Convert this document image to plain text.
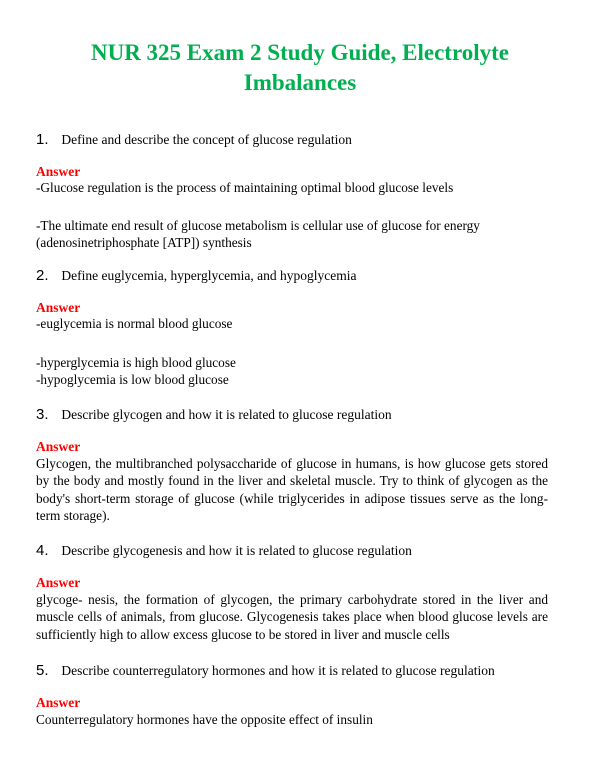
NUR 325 Exam 2 Study Guide, Electrolyte Imbalances
1. Define and describe the concept of glucose regulation
Answer

-Glucose regulation is the process of maintaining optimal blood glucose levels

-The ultimate end result of glucose metabolism is cellular use of glucose for energy (adenosinetriphosphate [ATP]) synthesis

2. Define euglycemia, hyperglycemia, and hypoglycemia
Answer

-euglycemia is normal blood glucose

-hyperglycemia is high blood glucose

-hypoglycemia is low blood glucose

3. Describe glycogen and how it is related to glucose regulation
Answer

Glycogen, the multibranched polysaccharide of glucose in humans, is how glucose gets stored by the body and mostly found in the liver and skeletal muscle. Try to think of glycogen as the body's short-term storage of glucose (while triglycerides in adipose tissues serve as the long-term storage).

4. Describe glycogenesis and how it is related to glucose regulation
Answer

glycoge- nesis, the formation of glycogen, the primary carbohydrate stored in the liver and muscle cells of animals, from glucose. Glycogenesis takes place when blood glucose levels are sufficiently high to allow excess glucose to be stored in liver and muscle cells

5. Describe counterregulatory hormones and how it is related to glucose regulation
Answer

Counterregulatory hormones have the opposite effect of insulin
